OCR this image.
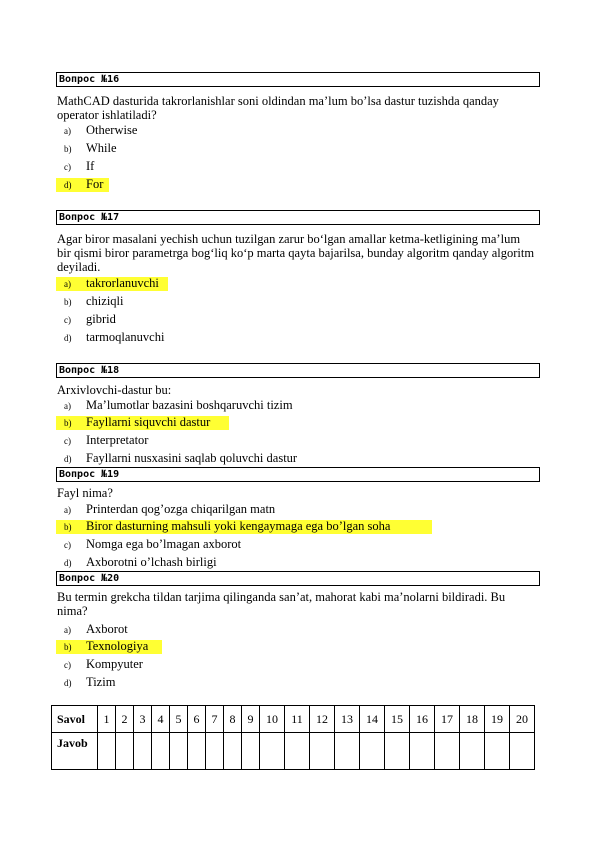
Вопрос №16
MathCAD dasturida takrorlanishlar soni oldindan ma’lum bo’lsa dastur tuzishda qanday operator ishlatiladi?
a) Otherwise
b) While
c) If
d) For
Вопрос №17
Agar biror masalani yechish uchun tuzilgan zarur bo‘lgan amallar ketma-ketligining ma’lum bir qismi biror parametrga bog‘liq ko‘p marta qayta bajarilsa, bunday algoritm qanday algoritm deyiladi.
a) takrorlanuvchi
b) chiziqli
c) gibrid
d) tarmoqlanuvchi
Вопрос №18
Arxivlovchi-dastur bu:
a) Ma’lumotlar bazasini boshqaruvchi tizim
b) Fayllarni siquvchi dastur
c) Interpretator
d) Fayllarni nusxasini saqlab qoluvchi dastur
Вопрос №19
Fayl nima?
a) Printerdan qog’ozga chiqarilgan matn
b) Biror dasturning mahsuli yoki kengaymaga ega bo’lgan soha
c) Nomga ega bo’lmagan axborot
d) Axborotni o’lchash birligi
Вопрос №20
Bu termin grekcha tildan tarjima qilinganda san’at, mahorat kabi ma’nolarni bildiradi. Bu nima?
a) Axborot
b) Texnologiya
c) Kompyuter
d) Tizim
Savol	1	2	3	4	5	6	7	8	9	10	11	12	13	14	15	16	17	18	19	20
Javob																				
